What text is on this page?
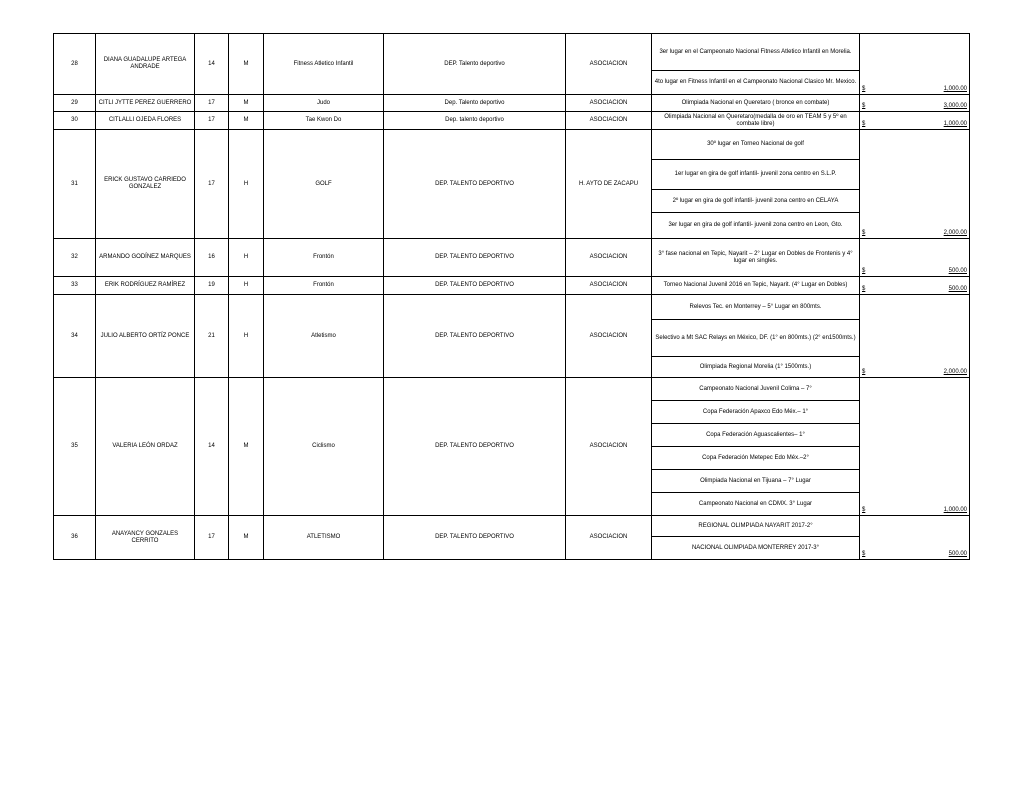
28	DIANA GUADALUPE ARTEGA ANDRADE	14	M	Fitness Atletico Infantil	DEP. Talento deportivo	ASOCIACION	3er lugar en el Campeonato Nacional Fitness Atletico Infantil en Morelia.	$ 1,000.00

							4to lugar en Fitness Infantil en el Campeonato Nacional Clasico Mr. Mexico.	
29	CITLI JYTTE PEREZ GUERRERO	17	M	Judo	Dep. Talento deportivo	ASOCIACION	Olimpiada Nacional en Queretaro ( bronce en combate)	$ 3,000.00

30	CITLALLI OJEDA FLORES	17	M	Tae Kwon Do	Dep. talento deportivo	ASOCIACION	Olimpiada Nacional en Queretaro(medalla de oro en TEAM 5 y 5º en combate libre)	$ 1,000.00

31	ERICK GUSTAVO CARRIEDO GONZALEZ	17	H	GOLF	DEP. TALENTO DEPORTIVO	H. AYTO DE ZACAPU	30º lugar en Torneo Nacional de golf	$ 2,000.00

							1er lugar en gira de golf infantil- juvenil zona centro en S.L.P.	
							2º lugar en gira de golf infantil- juvenil zona centro en CELAYA	
							3er lugar en gira de golf infantil- juvenil zona centro en Leon, Gto.	
32	ARMANDO GODÍNEZ MARQUES	16	H	Frontón	DEP. TALENTO DEPORTIVO	ASOCIACION	3° fase nacional en Tepic, Nayarit – 2° Lugar en Dobles de Frontenis y 4° lugar en singles.	$ 500.00

33	ERIK RODRÍGUEZ RAMÍREZ	19	H	Frontón	DEP. TALENTO DEPORTIVO	ASOCIACION	Torneo Nacional Juvenil 2016 en Tepic, Nayarit. (4° Lugar en Dobles)	$ 500.00

34	JULIO ALBERTO ORTÍZ PONCE	21	H	Atletismo	DEP. TALENTO DEPORTIVO	ASOCIACION	Relevos Tec. en Monterrey – 5° Lugar en 800mts.	$ 2,000.00

							Selectivo a Mt SAC Relays en México, DF. (1° en 800mts.) (2° en1500mts.)	
							Olimpiada Regional Morelia (1° 1500mts.)	
35	VALERIA LEÓN ORDAZ	14	M	Ciclismo	DEP. TALENTO DEPORTIVO	ASOCIACION	Campeonato Nacional Juvenil Colima – 7°	$ 1,000.00

							Copa Federación Apaxco Edo Méx.– 1°	
							Copa Federación Aguascalientes– 1°	
							Copa Federación Metepec Edo Méx.–2°	
							Olimpiada Nacional en Tijuana – 7° Lugar	
							Campeonato Nacional en CDMX. 3° Lugar	
36	ANAYANCY GONZALES CERRITO	17	M	ATLETISMO	DEP. TALENTO DEPORTIVO	ASOCIACION	REGIONAL OLIMPIADA NAYARIT 2017-2°	$ 500.00

							NACIONAL OLIMPIADA MONTERREY 2017-3°	
